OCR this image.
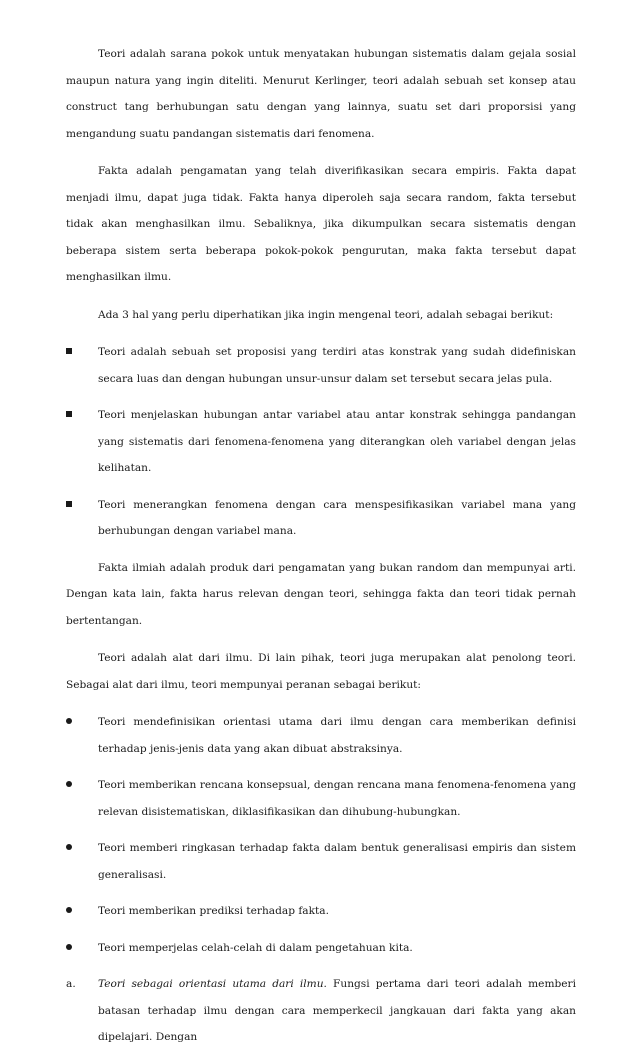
Teori adalah sarana pokok untuk menyatakan hubungan sistematis dalam gejala sosial maupun natura yang ingin diteliti. Menurut Kerlinger, teori adalah sebuah set konsep atau construct tang berhubungan satu dengan yang lainnya, suatu set dari proporsisi yang mengandung suatu pandangan sistematis dari fenomena.

Fakta adalah pengamatan yang telah diverifikasikan secara empiris. Fakta dapat menjadi ilmu, dapat juga tidak. Fakta hanya diperoleh saja secara random, fakta tersebut tidak akan menghasilkan ilmu. Sebaliknya, jika dikumpulkan secara sistematis dengan beberapa sistem serta beberapa pokok-pokok pengurutan, maka fakta tersebut dapat menghasilkan ilmu.

Ada 3 hal yang perlu diperhatikan jika ingin mengenal teori, adalah sebagai berikut:

Teori adalah sebuah set proposisi yang terdiri atas konstrak yang sudah didefiniskan secara luas dan dengan hubungan unsur-unsur dalam set tersebut secara jelas pula.
Teori menjelaskan hubungan antar variabel atau antar konstrak sehingga pandangan yang sistematis dari fenomena-fenomena yang diterangkan oleh variabel dengan jelas kelihatan.
Teori menerangkan fenomena dengan cara menspesifikasikan variabel mana yang berhubungan dengan variabel mana.

Fakta ilmiah adalah produk dari pengamatan yang bukan random dan mempunyai arti. Dengan kata lain, fakta harus relevan dengan teori, sehingga fakta dan teori tidak pernah bertentangan.

Teori adalah alat dari ilmu. Di lain pihak, teori juga merupakan alat penolong teori. Sebagai alat dari ilmu, teori mempunyai peranan sebagai berikut:

Teori mendefinisikan orientasi utama dari ilmu dengan cara memberikan definisi terhadap jenis-jenis data yang akan dibuat abstraksinya.
Teori memberikan rencana konsepsual, dengan rencana mana fenomena-fenomena yang relevan disistematiskan, diklasifikasikan dan dihubung-hubungkan.
Teori memberi ringkasan terhadap fakta dalam bentuk generalisasi empiris dan sistem generalisasi.
Teori memberikan prediksi terhadap fakta.
Teori memperjelas celah-celah di dalam pengetahuan kita.
a.	Teori sebagai orientasi utama dari ilmu. Fungsi pertama dari teori adalah memberi batasan terhadap ilmu dengan cara memperkecil jangkauan dari fakta yang akan dipelajari. Dengan
